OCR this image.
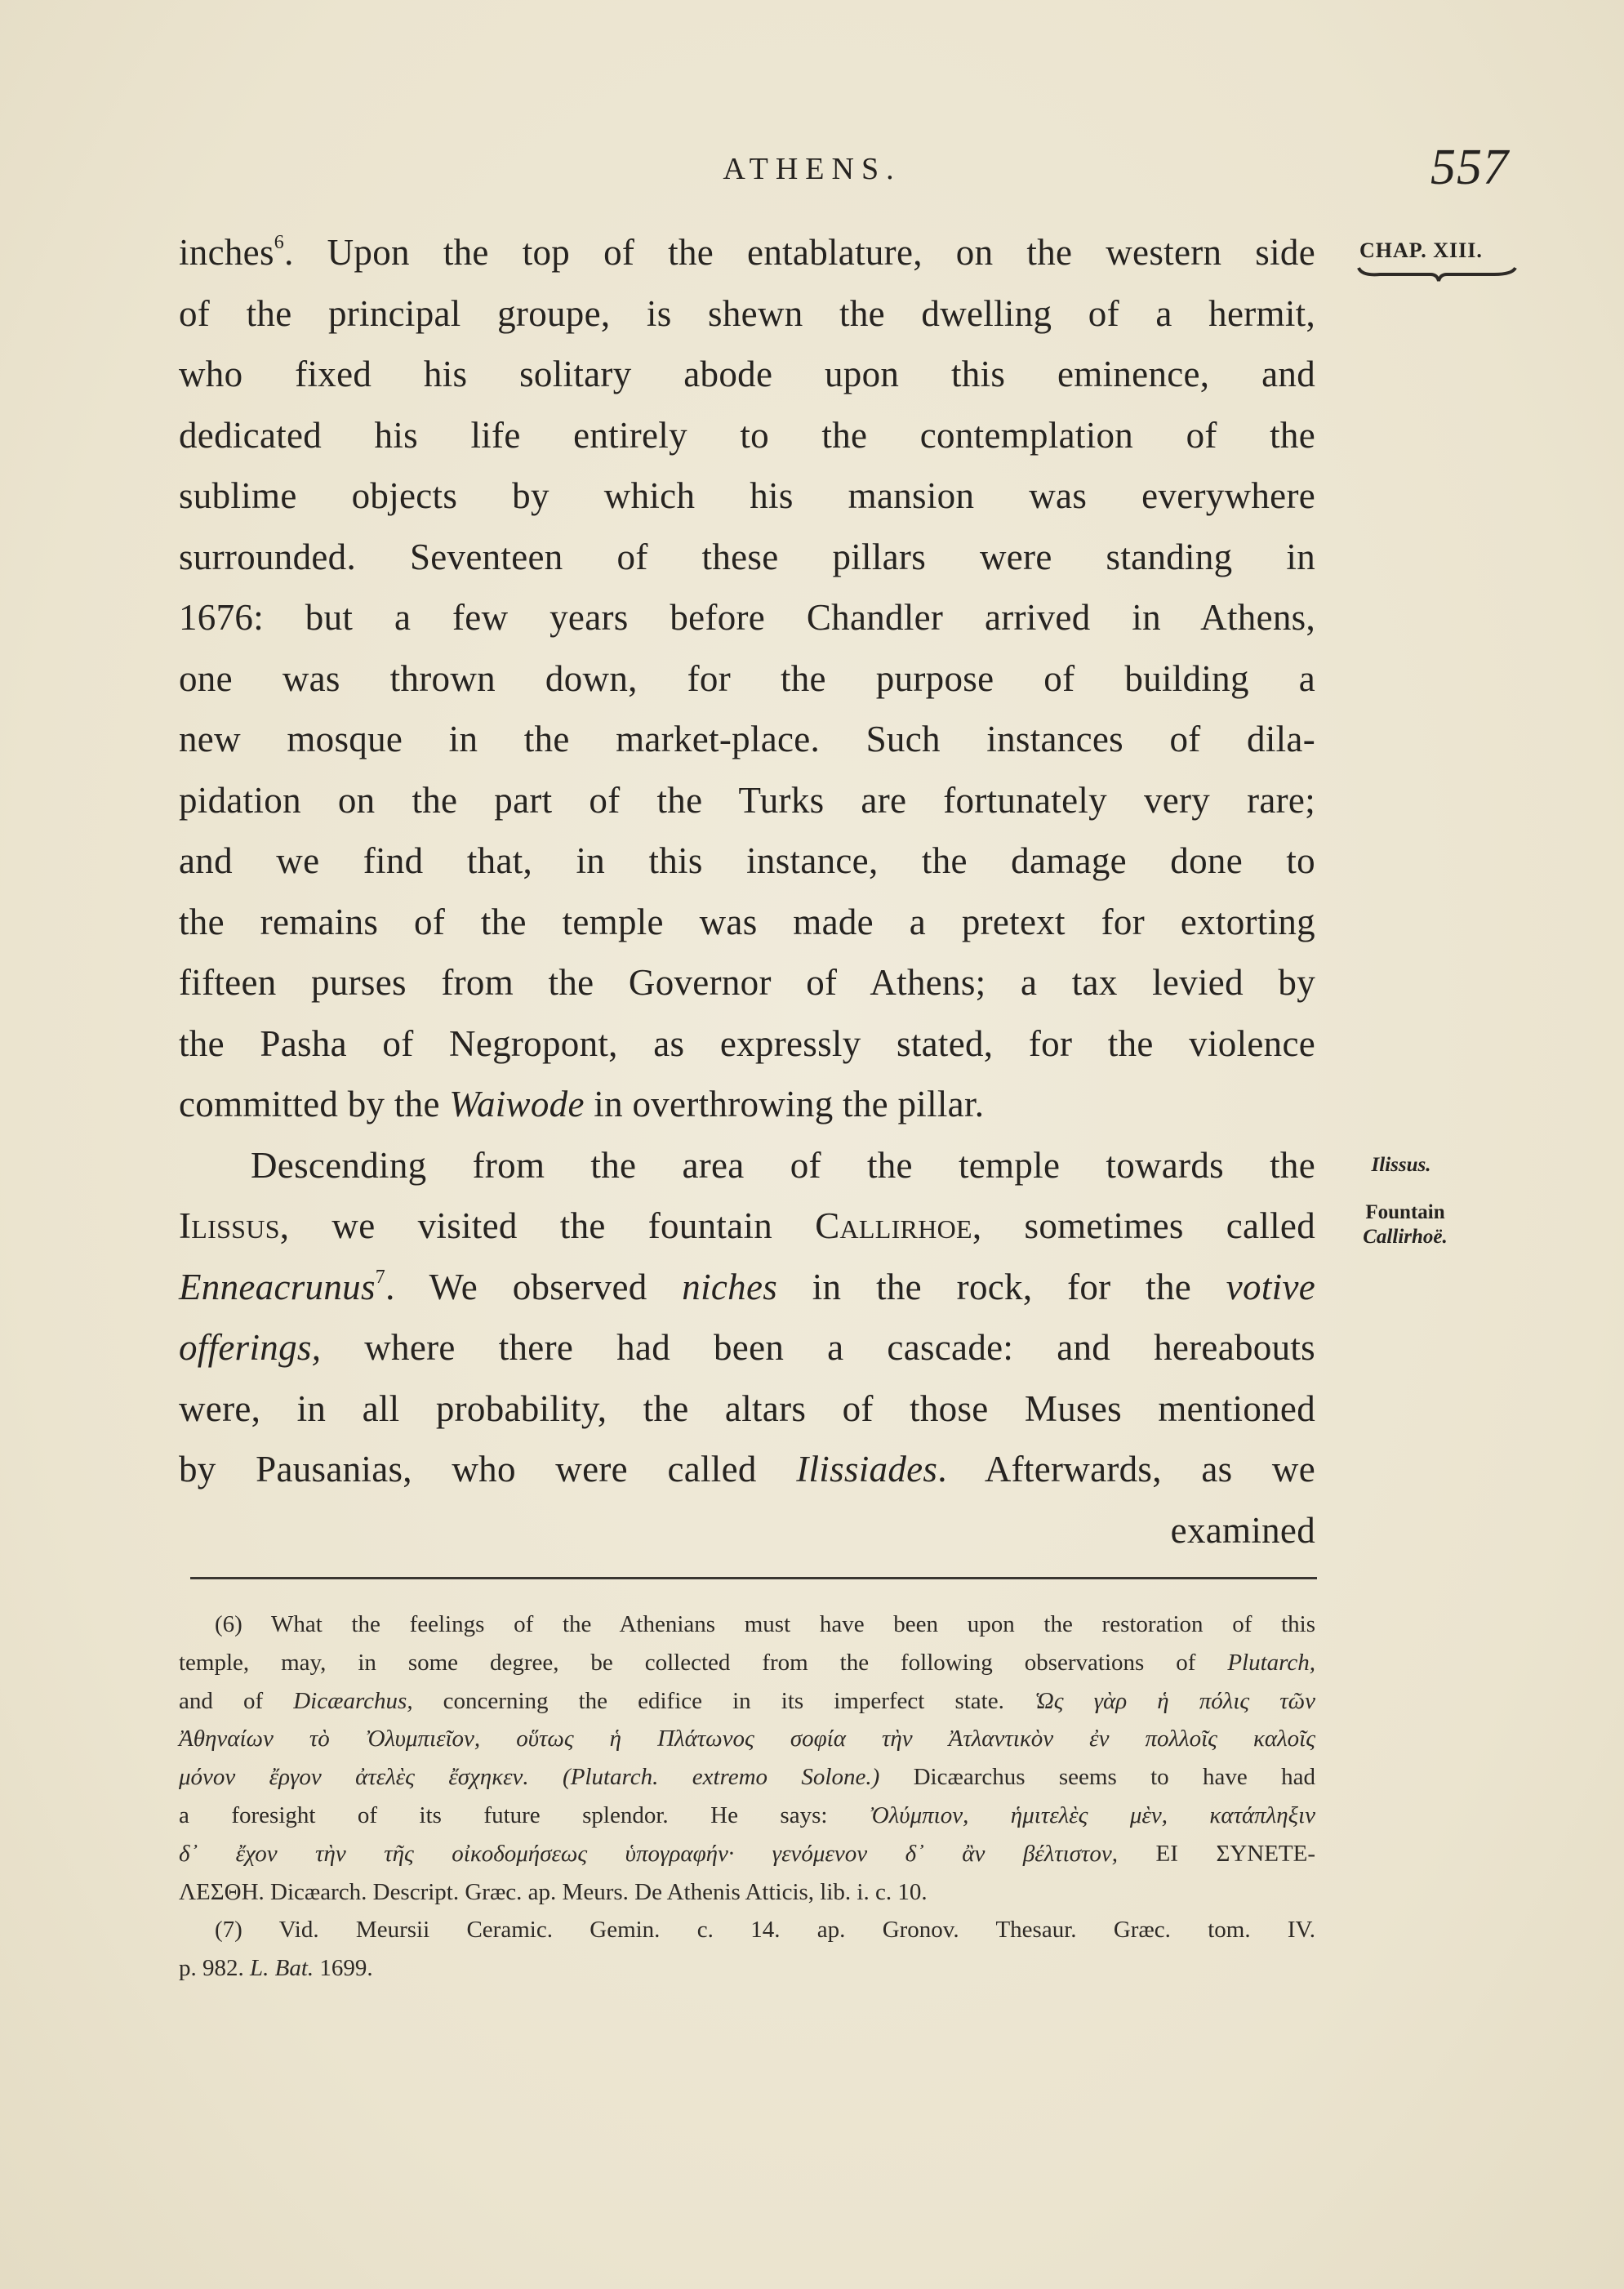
ATHENS.	557
CHAP. XIII.
Ilissus.
Fountain
Callirhoë.
inches$^6$. Upon the top of the entablature, on the western side
of the principal groupe, is shewn the dwelling of a hermit,
who fixed his solitary abode upon this eminence, and
dedicated his life entirely to the contemplation of the
sublime objects by which his mansion was everywhere
surrounded. Seventeen of these pillars were standing in
1676: but a few years before Chandler arrived in Athens,
one was thrown down, for the purpose of building a
new mosque in the market-place. Such instances of dila-
pidation on the part of the Turks are fortunately very rare;
and we find that, in this instance, the damage done to
the remains of the temple was made a pretext for extorting
fifteen purses from the Governor of Athens; a tax levied by
the Pasha of Negropont, as expressly stated, for the violence
committed by the Waiwode in overthrowing the pillar.
Descending from the area of the temple towards the
Ilissus, we visited the fountain Callirhoe, sometimes called
Enneacrunus$^7$. We observed niches in the rock, for the votive
offerings, where there had been a cascade: and hereabouts
were, in all probability, the altars of those Muses mentioned
by Pausanias, who were called Ilissiades. Afterwards, as we
examined
(6) What the feelings of the Athenians must have been upon the restoration of this
temple, may, in some degree, be collected from the following observations of Plutarch,
and of Dicæarchus, concerning the edifice in its imperfect state. Ὡς γὰρ ἡ πόλις τῶν
Ἀθηναίων τὸ Ὀλυμπιεῖον, οὕτως ἡ Πλάτωνος σοφία τὴν Ἀτλαντικὸν ἐν πολλοῖς καλοῖς
μόνον ἔργον ἀτελὲς ἔσχηκεν. (Plutarch. extremo Solone.) Dicæarchus seems to have had
a foresight of its future splendor. He says: Ὀλύμπιον, ἡμιτελὲς μὲν, κατάπληξιν
δ᾽ ἔχον τὴν τῆς οἰκοδομήσεως ὑπογραφήν· γενόμενον δ᾽ ἂν βέλτιστον, ΕΙ ΣΥΝΕΤΕ-
ΛΕΣΘΗ. Dicæarch. Descript. Græc. ap. Meurs. De Athenis Atticis, lib. i. c. 10.
(7) Vid. Meursii Ceramic. Gemin. c. 14. ap. Gronov. Thesaur. Græc. tom. IV.
p. 982. L. Bat. 1699.
